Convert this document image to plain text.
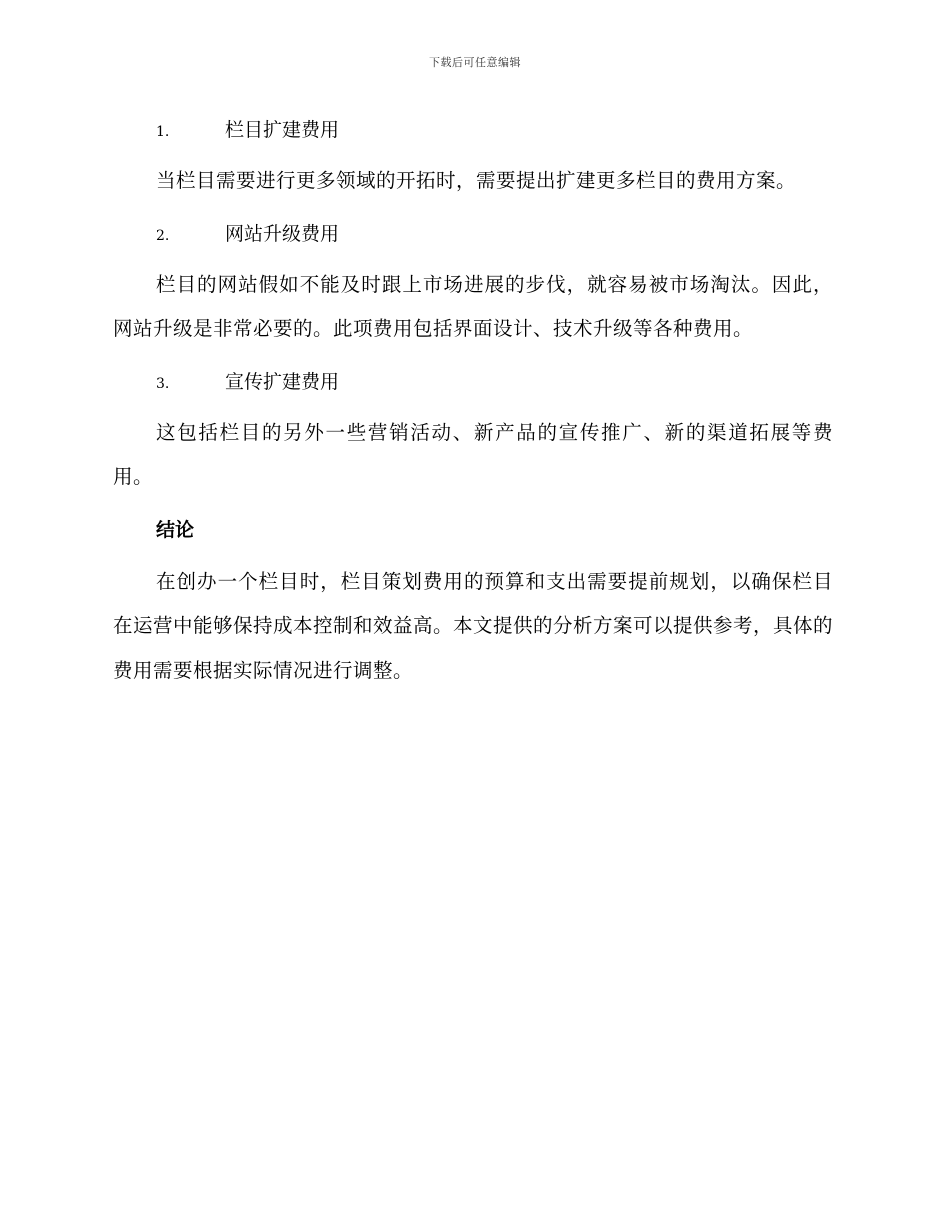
下载后可任意编辑
1.	栏目扩建费用

当栏目需要进行更多领域的开拓时，需要提出扩建更多栏目的费用方案。

2.	网站升级费用

栏目的网站假如不能及时跟上市场进展的步伐，就容易被市场淘汰。因此，网站升级是非常必要的。此项费用包括界面设计、技术升级等各种费用。

3.	宣传扩建费用

这包括栏目的另外一些营销活动、新产品的宣传推广、新的渠道拓展等费用。

结论

在创办一个栏目时，栏目策划费用的预算和支出需要提前规划，以确保栏目在运营中能够保持成本控制和效益高。本文提供的分析方案可以提供参考，具体的费用需要根据实际情况进行调整。
